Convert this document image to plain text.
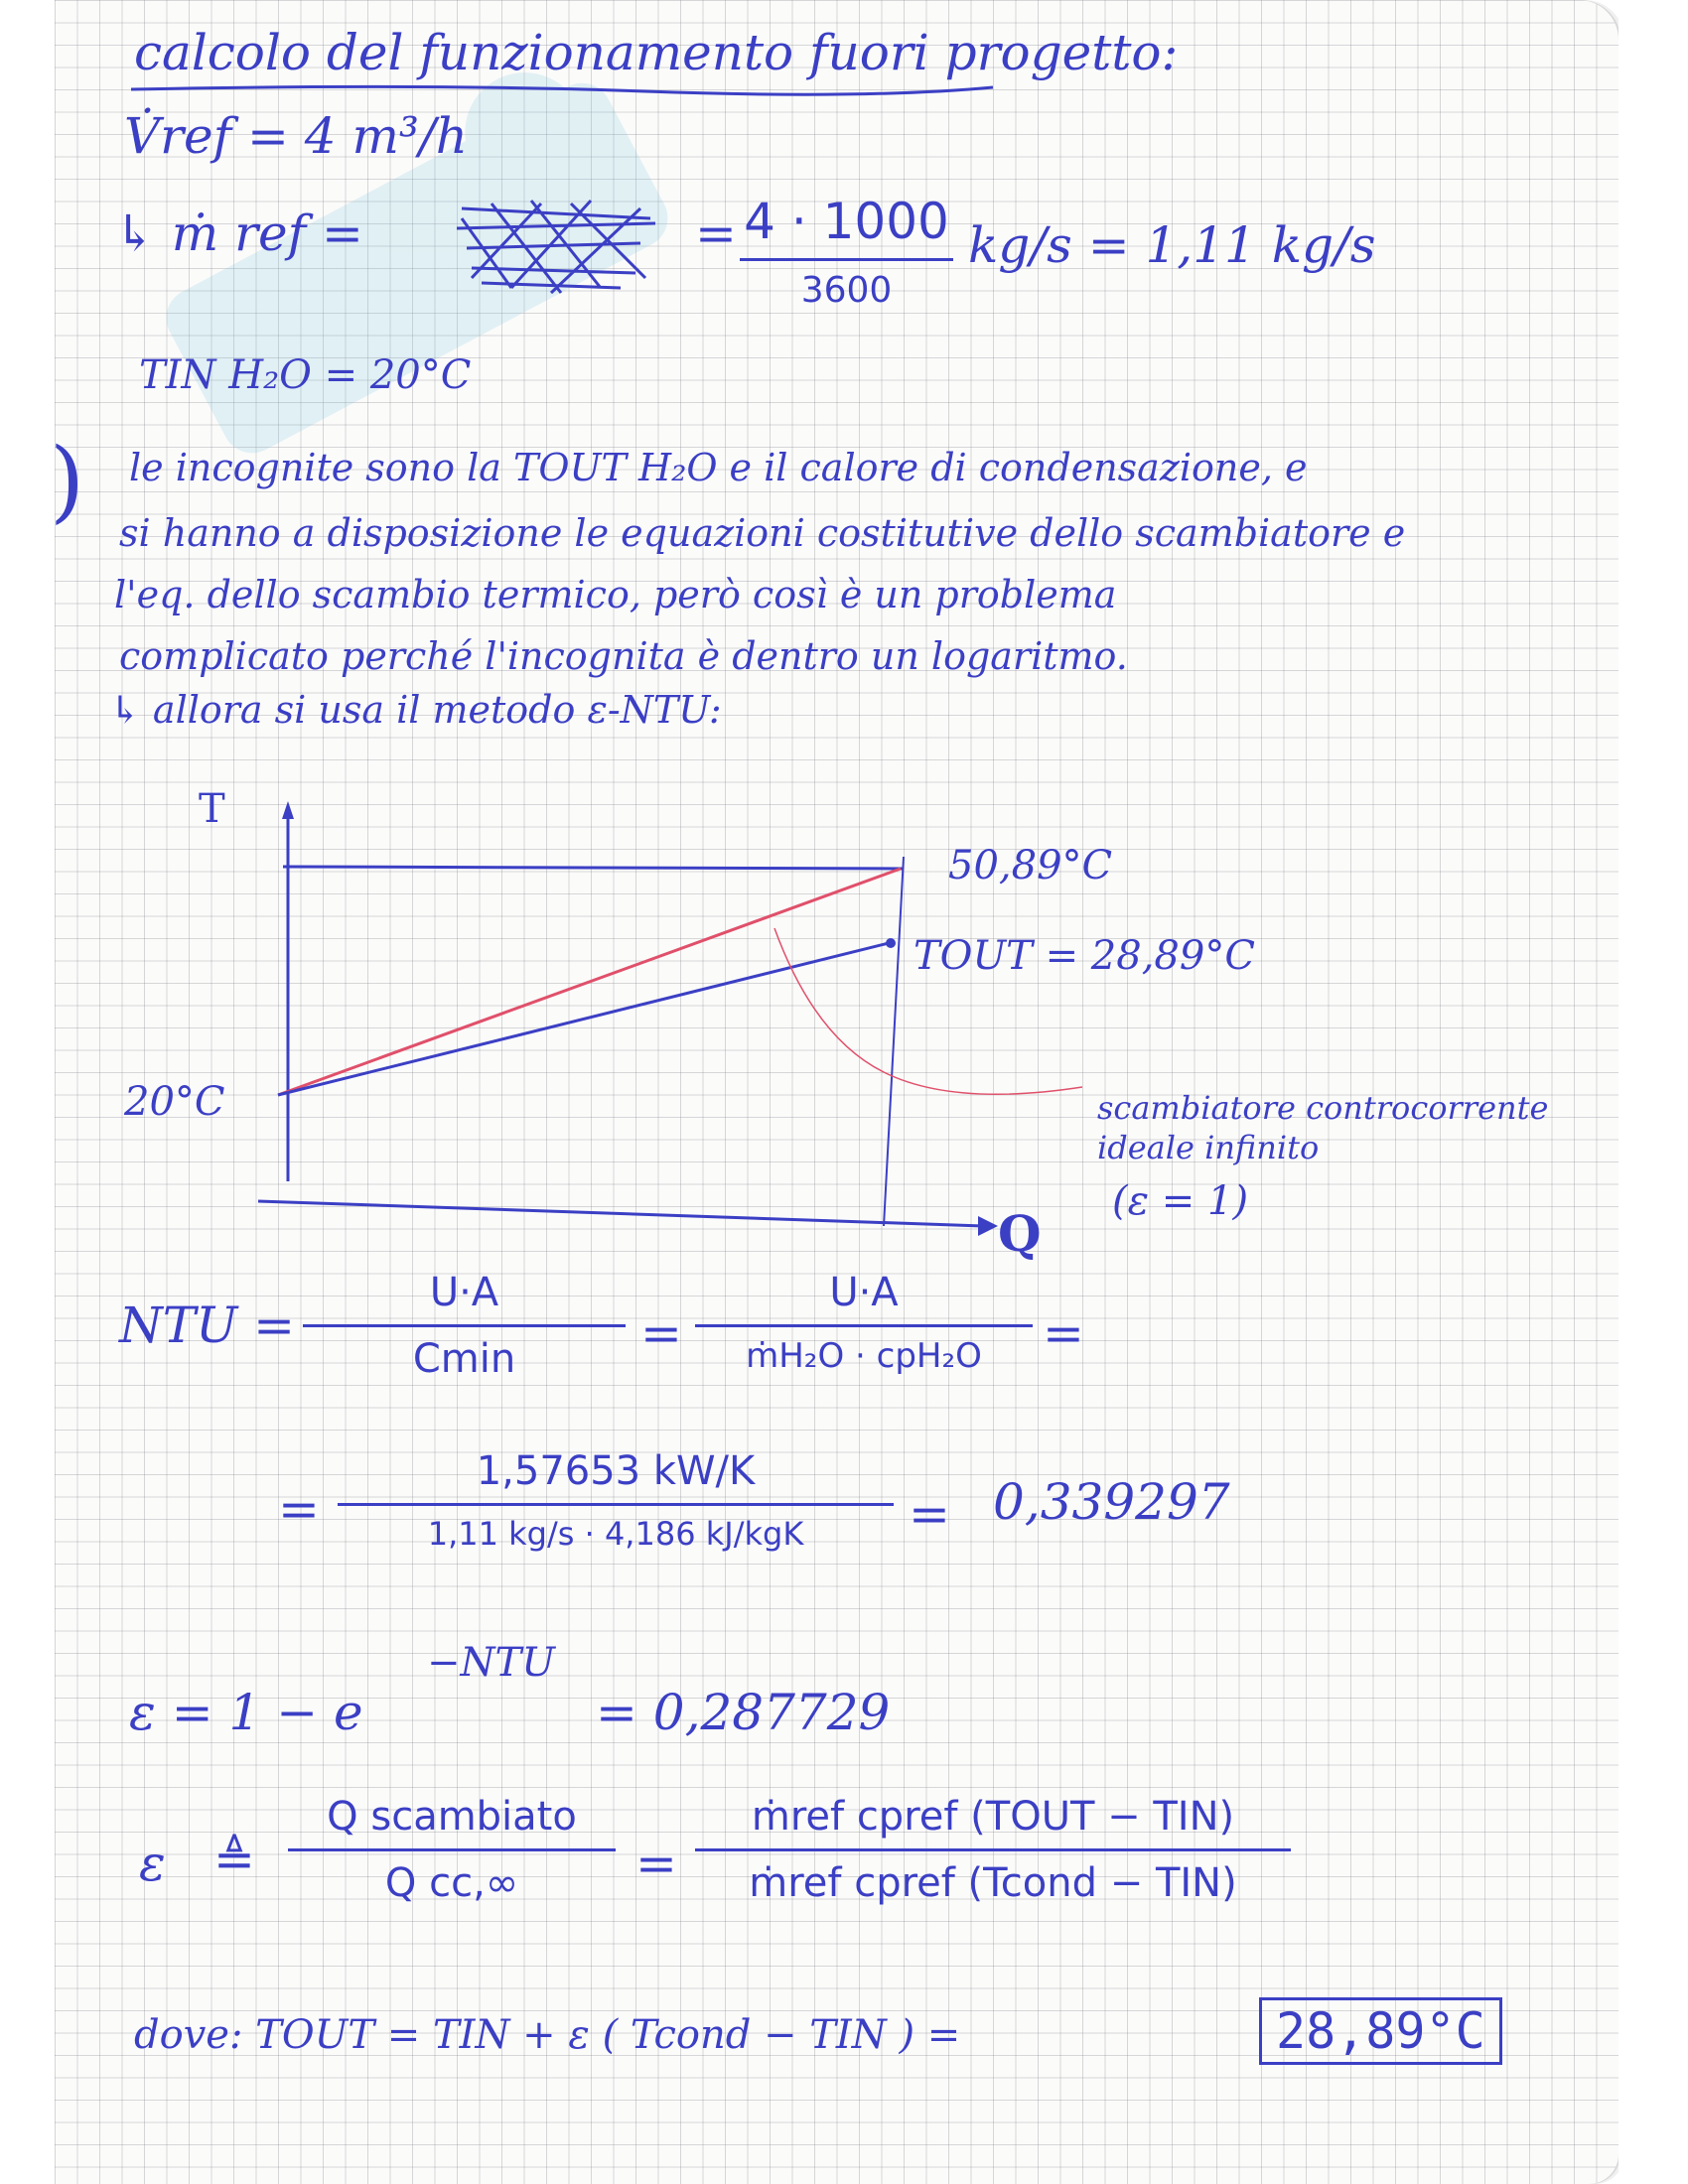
calcolo del funzionamento fuori progetto:
V̇ref = 4 m³/h
↳ ṁ ref =	= 4 · 1000
3600
kg/s = 1,11 kg/s
TIN H₂O = 20°C
le incognite sono la TOUT H₂O e il calore di condensazione, e
si hanno a disposizione le equazioni costitutive dello scambiatore e
l'eq. dello scambio termico, però così è un problema
complicato perché l'incognita è dentro un logaritmo.
↳ allora si usa il metodo ε-NTU:
)
T
Q
20°C
50,89°C
TOUT = 28,89°C
scambiatore controcorrente
ideale infinito
(ε = 1)
NTU =
U·A
Cmin	=
U·A
ṁH₂O · cpH₂O	=
=
1,57653 kW/K
1,11 kg/s · 4,186 kJ/kgK	= 0,339297
ε = 1 − e
−NTU
= 0,287729
ε ≜
Q scambiato
Q cc,∞	=
ṁref cpref (TOUT − TIN)
ṁref cpref (Tcond − TIN)
dove: TOUT = TIN + ε ( Tcond − TIN ) =	28,89°C
